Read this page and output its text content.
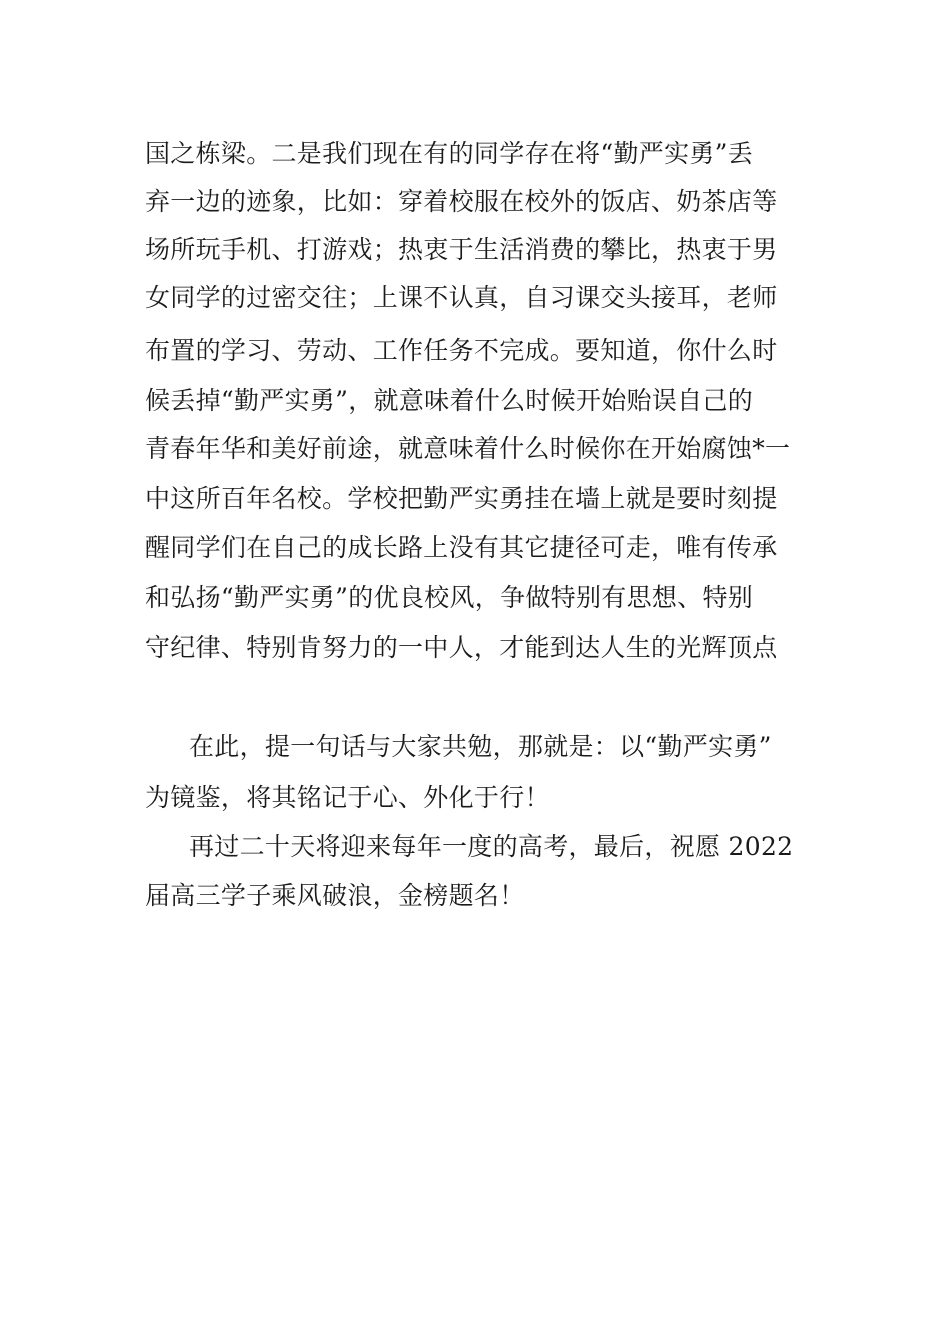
国之栋梁。二是我们现在有的同学存在将“勤严实勇”丢
弃一边的迹象，比如：穿着校服在校外的饭店、奶茶店等
场所玩手机、打游戏；热衷于生活消费的攀比，热衷于男
女同学的过密交往；上课不认真，自习课交头接耳，老师
布置的学习、劳动、工作任务不完成。要知道，你什么时
候丢掉“勤严实勇”，就意味着什么时候开始贻误自己的
青春年华和美好前途，就意味着什么时候你在开始腐蚀*一
中这所百年名校。学校把勤严实勇挂在墙上就是要时刻提
醒同学们在自己的成长路上没有其它捷径可走，唯有传承
和弘扬“勤严实勇”的优良校风，争做特别有思想、特别
守纪律、特别肯努力的一中人，才能到达人生的光辉顶点
在此，提一句话与大家共勉，那就是：以“勤严实勇”
为镜鉴，将其铭记于心、外化于行！
再过二十天将迎来每年一度的高考，最后，祝愿 2022
届高三学子乘风破浪，金榜题名！
